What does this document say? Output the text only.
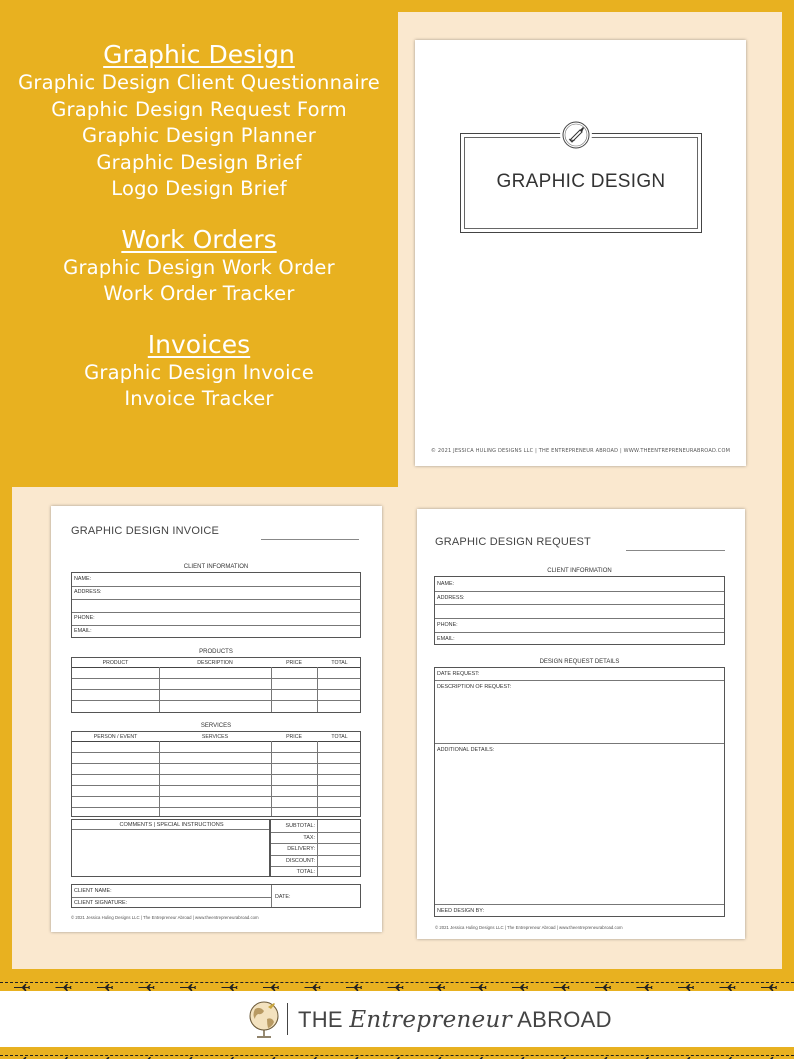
Graphic Design
Graphic Design Client Questionnaire
Graphic Design Request Form
Graphic Design Planner
Graphic Design Brief
Logo Design Brief
Work Orders
Graphic Design Work Order
Work Order Tracker
Invoices
Graphic Design Invoice
Invoice Tracker
GRAPHIC DESIGN
© 2021 JESSICA HULING DESIGNS LLC | THE ENTREPRENEUR ABROAD | WWW.THEENTREPRENEURABROAD.COM
GRAPHIC DESIGN INVOICE
CLIENT INFORMATION
NAME:
ADDRESS:
PHONE:
EMAIL:
PRODUCTS
PRODUCT	DESCRIPTION	PRICE	TOTAL
SERVICES
PERSON / EVENT	SERVICES	PRICE	TOTAL
COMMENTS | SPECIAL INSTRUCTIONS	SUBTOTAL:
TAX:
DELIVERY:
DISCOUNT:
TOTAL:
CLIENT NAME:
CLIENT SIGNATURE:
DATE:
© 2021 Jessica Huling Designs LLC | The Entrepreneur Abroad | www.theentrepreneurabroad.com
GRAPHIC DESIGN REQUEST
CLIENT INFORMATION
NAME:
ADDRESS:
PHONE:
EMAIL:
DESIGN REQUEST DETAILS
DATE REQUEST:
DESCRIPTION OF REQUEST:
ADDITIONAL DETAILS:
NEED DESIGN BY:
© 2021 Jessica Huling Designs LLC | The Entrepreneur Abroad | www.theentrepreneurabroad.com
THE Entrepreneur ABROAD
